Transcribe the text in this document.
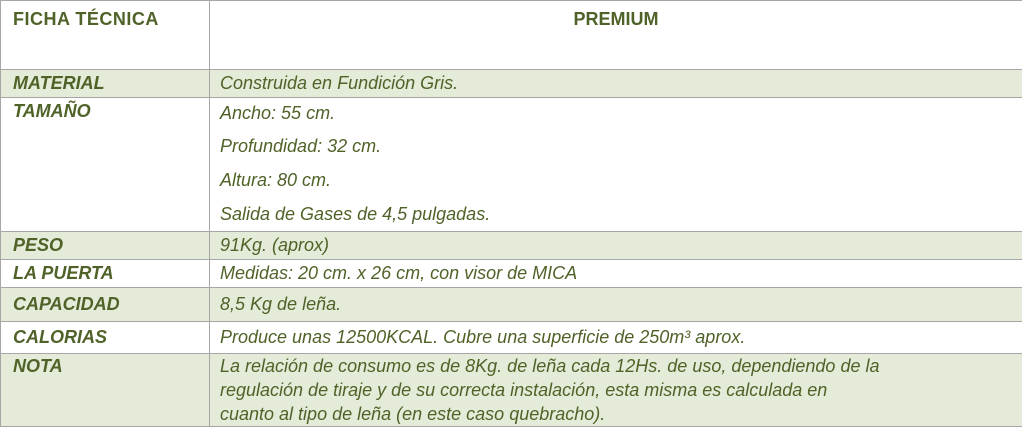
FICHA TÉCNICA	PREMIUM
MATERIAL	Construida en Fundición Gris.
TAMAÑO	Ancho: 55 cm.
Profundidad: 32 cm.
Altura: 80 cm.
Salida de Gases de 4,5 pulgadas.

PESO	91Kg. (aprox)
LA PUERTA	Medidas: 20 cm. x 26 cm, con visor de MICA
CAPACIDAD	8,5 Kg de leña.
CALORIAS	Produce unas 12500KCAL. Cubre una superficie de 250m³ aprox.
NOTA	La relación de consumo es de 8Kg. de leña cada 12Hs. de uso, dependiendo de la
regulación de tiraje y de su correcta instalación, esta misma es calculada en
cuanto al tipo de leña (en este caso quebracho).
